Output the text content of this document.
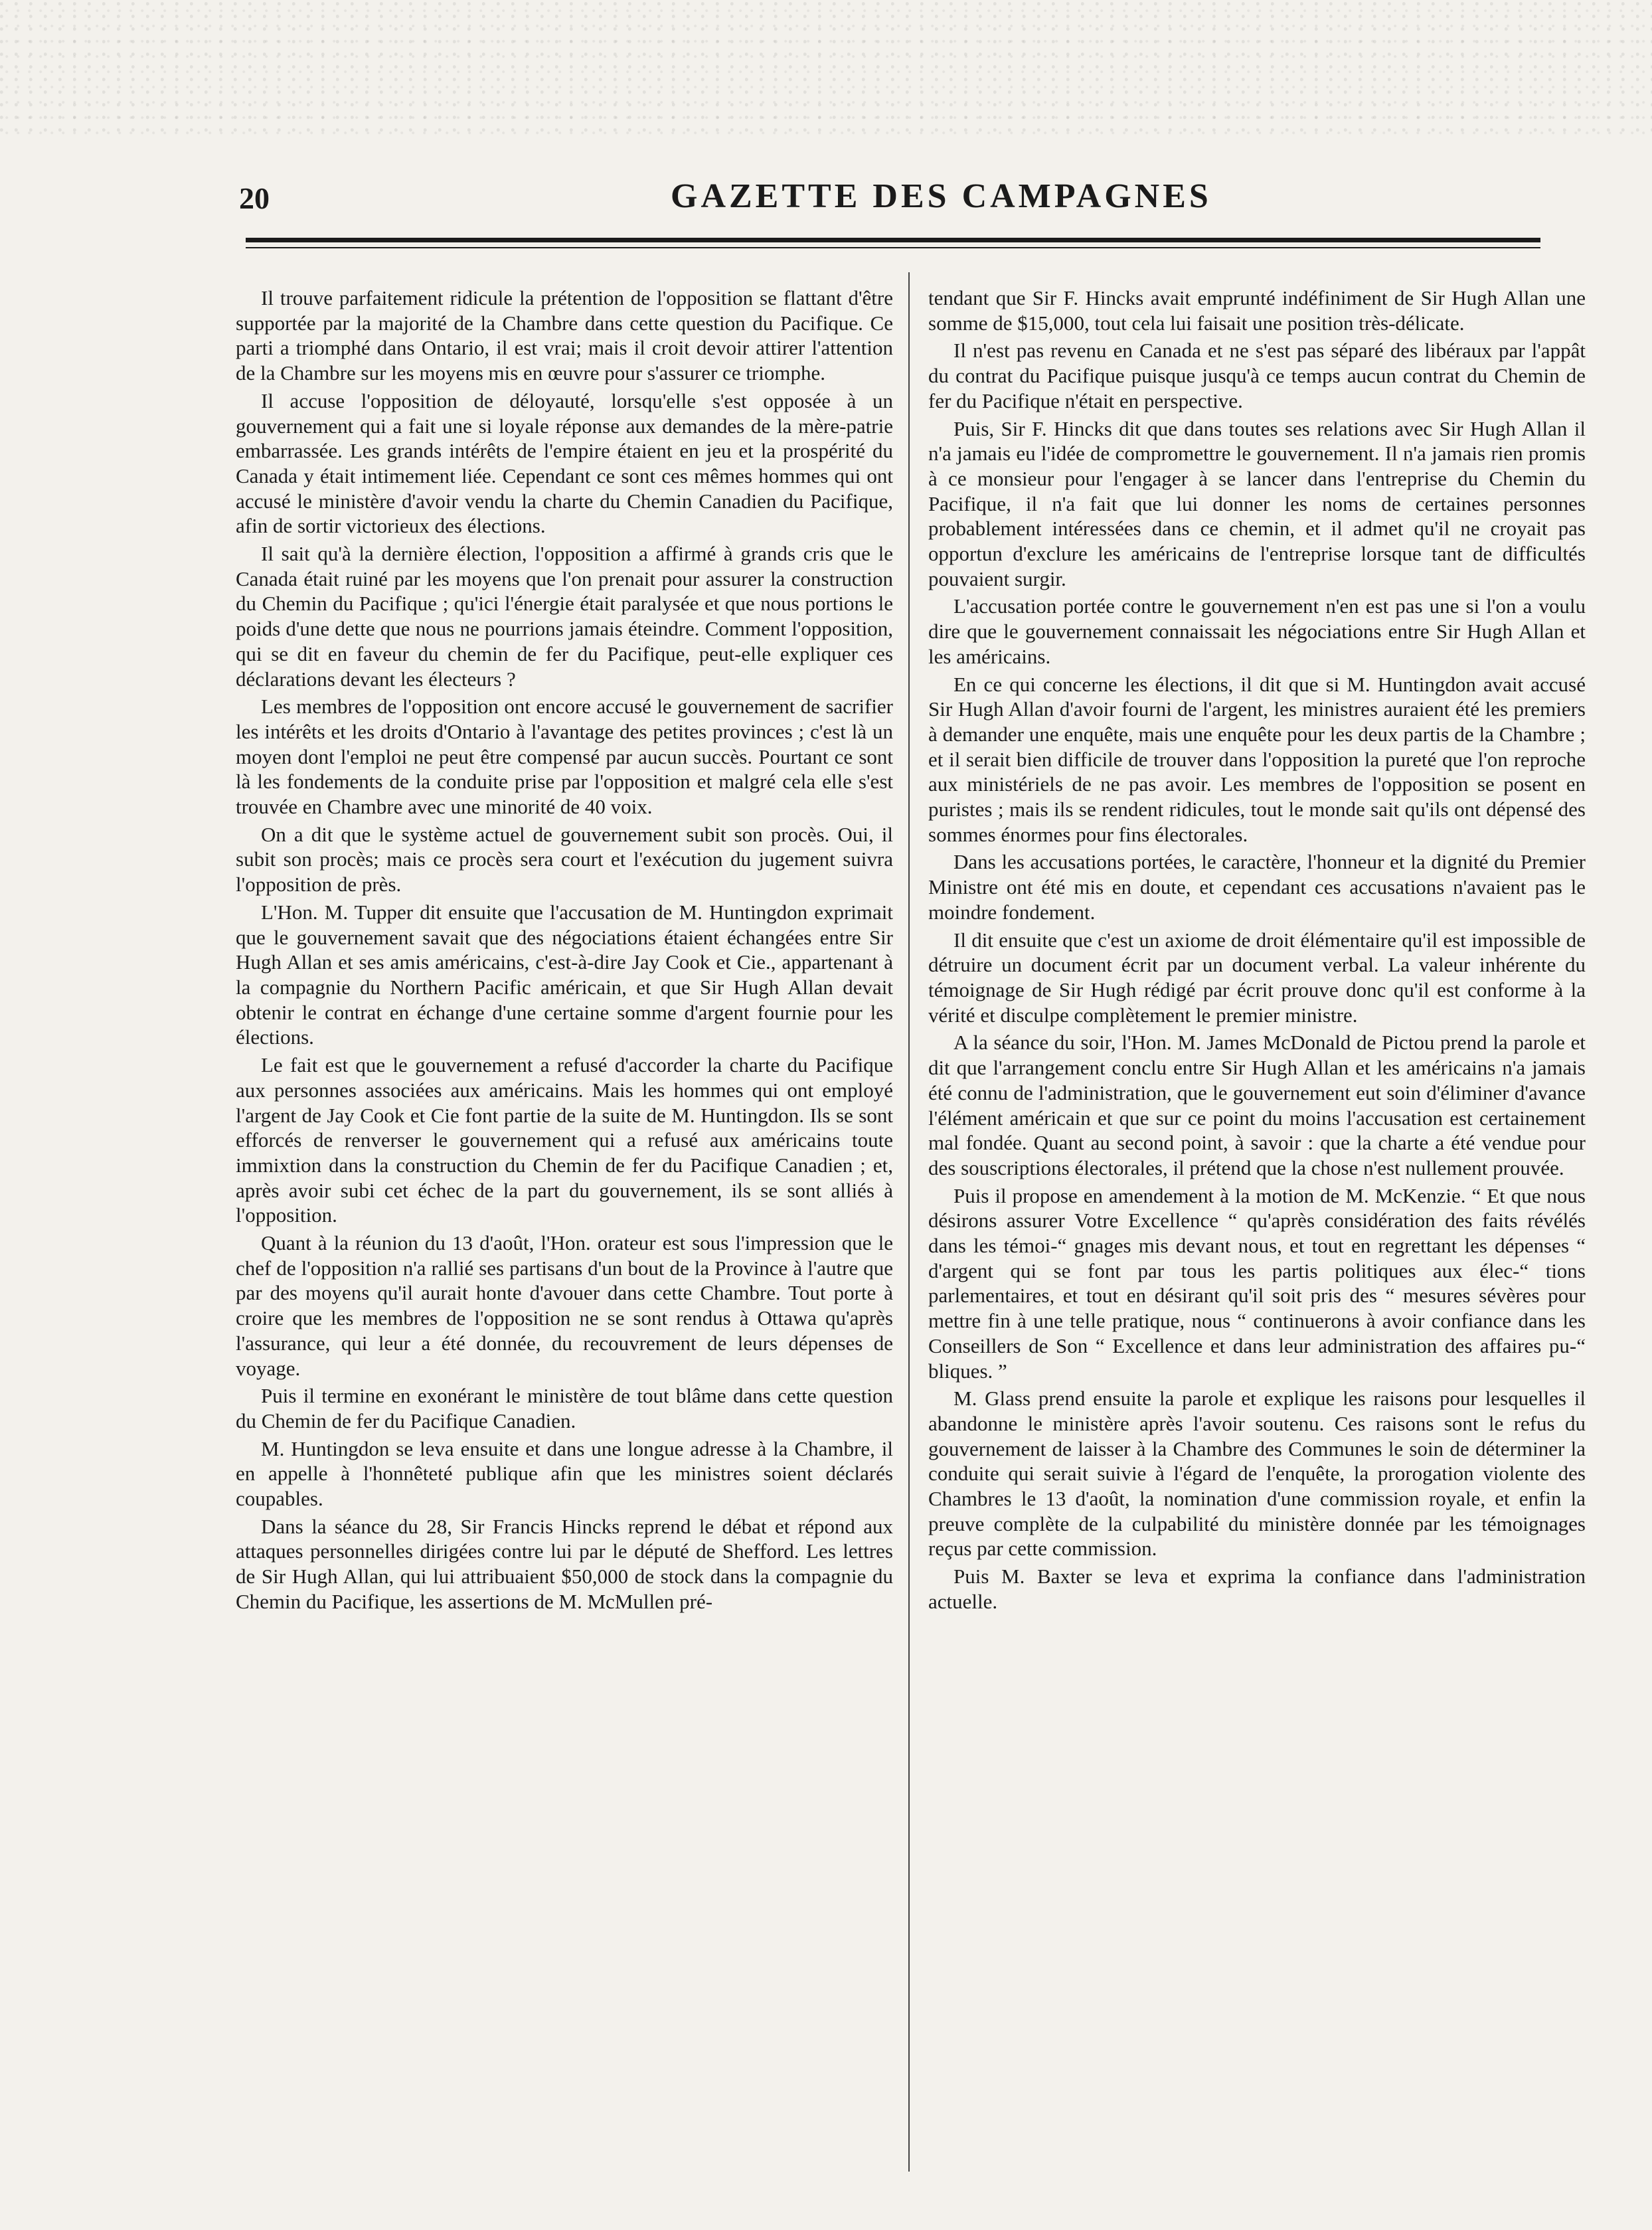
20	GAZETTE DES CAMPAGNES

Il trouve parfaitement ridicule la prétention de l'opposition se flattant d'être supportée par la majorité de la Chambre dans cette question du Pacifique. Ce parti a triomphé dans Ontario, il est vrai; mais il croit devoir attirer l'attention de la Chambre sur les moyens mis en œuvre pour s'assurer ce triomphe.

Il accuse l'opposition de déloyauté, lorsqu'elle s'est opposée à un gouvernement qui a fait une si loyale réponse aux demandes de la mère-patrie embarrassée. Les grands intérêts de l'empire étaient en jeu et la prospérité du Canada y était intimement liée. Cependant ce sont ces mêmes hommes qui ont accusé le ministère d'avoir vendu la charte du Chemin Canadien du Pacifique, afin de sortir victorieux des élections.

Il sait qu'à la dernière élection, l'opposition a affirmé à grands cris que le Canada était ruiné par les moyens que l'on prenait pour assurer la construction du Chemin du Pacifique ; qu'ici l'énergie était paralysée et que nous portions le poids d'une dette que nous ne pourrions jamais éteindre. Comment l'opposition, qui se dit en faveur du chemin de fer du Pacifique, peut-elle expliquer ces déclarations devant les électeurs ?

Les membres de l'opposition ont encore accusé le gouvernement de sacrifier les intérêts et les droits d'Ontario à l'avantage des petites provinces ; c'est là un moyen dont l'emploi ne peut être compensé par aucun succès. Pourtant ce sont là les fondements de la conduite prise par l'opposition et malgré cela elle s'est trouvée en Chambre avec une minorité de 40 voix.

On a dit que le système actuel de gouvernement subit son procès. Oui, il subit son procès; mais ce procès sera court et l'exécution du jugement suivra l'opposition de près.

L'Hon. M. Tupper dit ensuite que l'accusation de M. Huntingdon exprimait que le gouvernement savait que des négociations étaient échangées entre Sir Hugh Allan et ses amis américains, c'est-à-dire Jay Cook et Cie., appartenant à la compagnie du Northern Pacific américain, et que Sir Hugh Allan devait obtenir le contrat en échange d'une certaine somme d'argent fournie pour les élections.

Le fait est que le gouvernement a refusé d'accorder la charte du Pacifique aux personnes associées aux américains. Mais les hommes qui ont employé l'argent de Jay Cook et Cie font partie de la suite de M. Huntingdon. Ils se sont efforcés de renverser le gouvernement qui a refusé aux américains toute immixtion dans la construction du Chemin de fer du Pacifique Canadien ; et, après avoir subi cet échec de la part du gouvernement, ils se sont alliés à l'opposition.

Quant à la réunion du 13 d'août, l'Hon. orateur est sous l'impression que le chef de l'opposition n'a rallié ses partisans d'un bout de la Province à l'autre que par des moyens qu'il aurait honte d'avouer dans cette Chambre. Tout porte à croire que les membres de l'opposition ne se sont rendus à Ottawa qu'après l'assurance, qui leur a été donnée, du recouvrement de leurs dépenses de voyage.

Puis il termine en exonérant le ministère de tout blâme dans cette question du Chemin de fer du Pacifique Canadien.

M. Huntingdon se leva ensuite et dans une longue adresse à la Chambre, il en appelle à l'honnêteté publique afin que les ministres soient déclarés coupables.

Dans la séance du 28, Sir Francis Hincks reprend le débat et répond aux attaques personnelles dirigées contre lui par le député de Shefford. Les lettres de Sir Hugh Allan, qui lui attribuaient $50,000 de stock dans la compagnie du Chemin du Pacifique, les assertions de M. McMullen pré-

tendant que Sir F. Hincks avait emprunté indéfiniment de Sir Hugh Allan une somme de $15,000, tout cela lui faisait une position très-délicate.

Il n'est pas revenu en Canada et ne s'est pas séparé des libéraux par l'appât du contrat du Pacifique puisque jusqu'à ce temps aucun contrat du Chemin de fer du Pacifique n'était en perspective.

Puis, Sir F. Hincks dit que dans toutes ses relations avec Sir Hugh Allan il n'a jamais eu l'idée de compromettre le gouvernement. Il n'a jamais rien promis à ce monsieur pour l'engager à se lancer dans l'entreprise du Chemin du Pacifique, il n'a fait que lui donner les noms de certaines personnes probablement intéressées dans ce chemin, et il admet qu'il ne croyait pas opportun d'exclure les américains de l'entreprise lorsque tant de difficultés pouvaient surgir.

L'accusation portée contre le gouvernement n'en est pas une si l'on a voulu dire que le gouvernement connaissait les négociations entre Sir Hugh Allan et les américains.

En ce qui concerne les élections, il dit que si M. Huntingdon avait accusé Sir Hugh Allan d'avoir fourni de l'argent, les ministres auraient été les premiers à demander une enquête, mais une enquête pour les deux partis de la Chambre ; et il serait bien difficile de trouver dans l'opposition la pureté que l'on reproche aux ministériels de ne pas avoir. Les membres de l'opposition se posent en puristes ; mais ils se rendent ridicules, tout le monde sait qu'ils ont dépensé des sommes énormes pour fins électorales.

Dans les accusations portées, le caractère, l'honneur et la dignité du Premier Ministre ont été mis en doute, et cependant ces accusations n'avaient pas le moindre fondement.

Il dit ensuite que c'est un axiome de droit élémentaire qu'il est impossible de détruire un document écrit par un document verbal. La valeur inhérente du témoignage de Sir Hugh rédigé par écrit prouve donc qu'il est conforme à la vérité et disculpe complètement le premier ministre.

A la séance du soir, l'Hon. M. James McDonald de Pictou prend la parole et dit que l'arrangement conclu entre Sir Hugh Allan et les américains n'a jamais été connu de l'administration, que le gouvernement eut soin d'éliminer d'avance l'élément américain et que sur ce point du moins l'accusation est certainement mal fondée. Quant au second point, à savoir : que la charte a été vendue pour des souscriptions électorales, il prétend que la chose n'est nullement prouvée.

Puis il propose en amendement à la motion de M. McKenzie. “ Et que nous désirons assurer Votre Excellence “ qu'après considération des faits révélés dans les témoi-“ gnages mis devant nous, et tout en regrettant les dépenses “ d'argent qui se font par tous les partis politiques aux élec-“ tions parlementaires, et tout en désirant qu'il soit pris des “ mesures sévères pour mettre fin à une telle pratique, nous “ continuerons à avoir confiance dans les Conseillers de Son “ Excellence et dans leur administration des affaires pu-“ bliques. ”

M. Glass prend ensuite la parole et explique les raisons pour lesquelles il abandonne le ministère après l'avoir soutenu. Ces raisons sont le refus du gouvernement de laisser à la Chambre des Communes le soin de déterminer la conduite qui serait suivie à l'égard de l'enquête, la prorogation violente des Chambres le 13 d'août, la nomination d'une commission royale, et enfin la preuve complète de la culpabilité du ministère donnée par les témoignages reçus par cette commission.

Puis M. Baxter se leva et exprima la confiance dans l'administration actuelle.
